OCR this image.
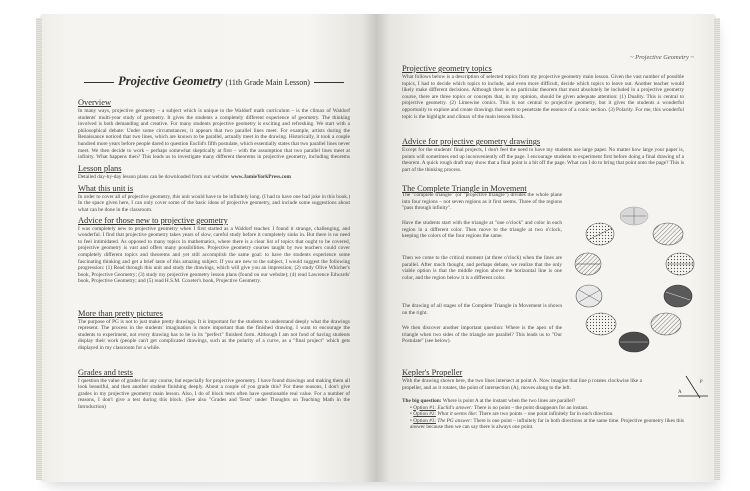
Projective Geometry (11th Grade Main Lesson)

Overview

In many ways, projective geometry – a subject which is unique to the Waldorf math curriculum – is the climax of Waldorf students' multi-year study of geometry. It gives the students a completely different experience of geometry. The thinking involved is both demanding and creative. For many students projective geometry is exciting and refreshing. We start with a philosophical debate: Under some circumstances, it appears that two parallel lines meet. For example, artists during the Renaissance noticed that two lines, which are known to be parallel, actually meet in the drawing. Historically, it took a couple hundred more years before people dared to question Euclid's fifth postulate, which essentially states that two parallel lines never meet. We then decide to work – perhaps somewhat skeptically at first – with the assumption that two parallel lines meet at infinity. What happens then? This leads us to investigate many different theorems in projective geometry, including theorems

Lesson plans

Detailed day-by-day lesson plans can be downloaded from our website: www.JamieYorkPress.com

What this unit is

In order to cover all of projective geometry, this unit would have to be infinitely long. (I had to have one bad joke in this book.) In the space given here, I can only cover some of the basic ideas of projective geometry, and include some suggestions about what can be done in the classroom.

Advice for those new to projective geometry

I was completely new to projective geometry when I first started as a Waldorf teacher. I found it strange, challenging, and wonderful. I find that projective geometry takes years of slow, careful study before it completely sinks in. But there is no need to feel intimidated. As opposed to many topics in mathematics, where there is a clear list of topics that ought to be covered, projective geometry is vast and offers many possibilities. Projective geometry courses taught by two teachers could cover completely different topics and theorems and yet still accomplish the same goal: to have the students experience some fascinating thinking and get a brief taste of this amazing subject. If you are new to the subject, I would suggest the following progression: (1) Read through this unit and study the drawings, which will give you an impression; (2) study Olive Whicher's book, Projective Geometry; (3) study my projective geometry lesson plans (found on our website); (4) read Lawrence Edwards' book, Projective Geometry; and (5) read H.S.M. Coxeter's book, Projective Geometry.

More than pretty pictures

The purpose of PG is not to just make pretty drawings. It is important for the students to understand deeply what the drawings represent. The process in the students' imagination is more important than the finished drawing. I want to encourage the students to experiment, not every drawing has to be in its "perfect" finished form. Although I am not fond of having students display their work (people can't get complicated drawings, such as the polarity of a curve, as a "final project" which gets displayed in my classroom for a while.

Grades and tests

I question the value of grades for any course, but especially for projective geometry. I have found drawings and making them all look beautiful, and then another student finishing deeply. About a couple of you grade this? For these reasons, I don't give grades in my projective geometry main lesson. Also, I do of block tests often have questionable real value. For a number of reasons, I don't give a test during this block. (See also "Grades and Tests" under Thoughts on Teaching Math in the Introduction)

~ Projective Geometry ~

Projective geometry topics

What follows below is a description of selected topics from my projective geometry main lesson. Given the vast number of possible topics, I had to decide which topics to include, and even more difficult, decide which topics to leave out. Another teacher would likely make different decisions. Although there is no particular theorem that must absolutely be included in a projective geometry course, there are three topics or concepts that, in my opinion, should be given adequate attention: (1) Duality. This is central to projective geometry. (2) Limewise conics. This is not central to projective geometry, but it gives the students a wonderful opportunity to explore and create drawings that seem to penetrate the essence of a conic section. (3) Polarity. For me, this wonderful topic is the highlight and climax of the main lesson block.

Advice for projective geometry drawings

Except for the students' final projects, I don't feel the need to have my students use large paper. No matter how large your paper is, points will sometimes end up inconveniently off the page. I encourage students to experiment first before doing a final drawing of a theorem. A quick rough draft may show that a final point is a bit off the page. What can I do to bring that point onto the page? This is part of the thinking process.

The Complete Triangle in Movement

The "complete triangle" (or "projective triangle") divides the whole plane into four regions – not seven regions as it first seems. Three of the regions "pass through infinity".

Have the students start with the triangle at "one o'clock" and color in each region in a different color. Then move to the triangle at two o'clock, keeping the colors of the four regions the same.

Then we come to the critical moment (at three o'clock) when the lines are parallel. After much thought, and perhaps debate, we realize that the only viable option is that the middle region above the horizontal line is one color, and the region below it is a different color.

The drawing of all stages of the Complete Triangle in Movement is shown on the right.

We then discover another important question: Where is the apex of the triangle when two sides of the triangle are parallel? This leads us to "Our Postulate" (see below).

Kepler's Propeller

With the drawing shown here, the two lines intersect at point A. Now imagine that line p rotates clockwise like a propeller, and as it rotates, the point of intersection (A), moves along to the left.

The big question: Where is point A at the instant when the two lines are parallel?

• Option #1: Euclid's answer: There is no point – the point disappears for an instant.

• Option #2: What it seems like: There are two points – one point infinitely far in each direction.

• Option #3: The PG answer: There is one point – infinitely far in both directions at the same time. Projective geometry likes this answer because then we can say there is always one point.

A
p
